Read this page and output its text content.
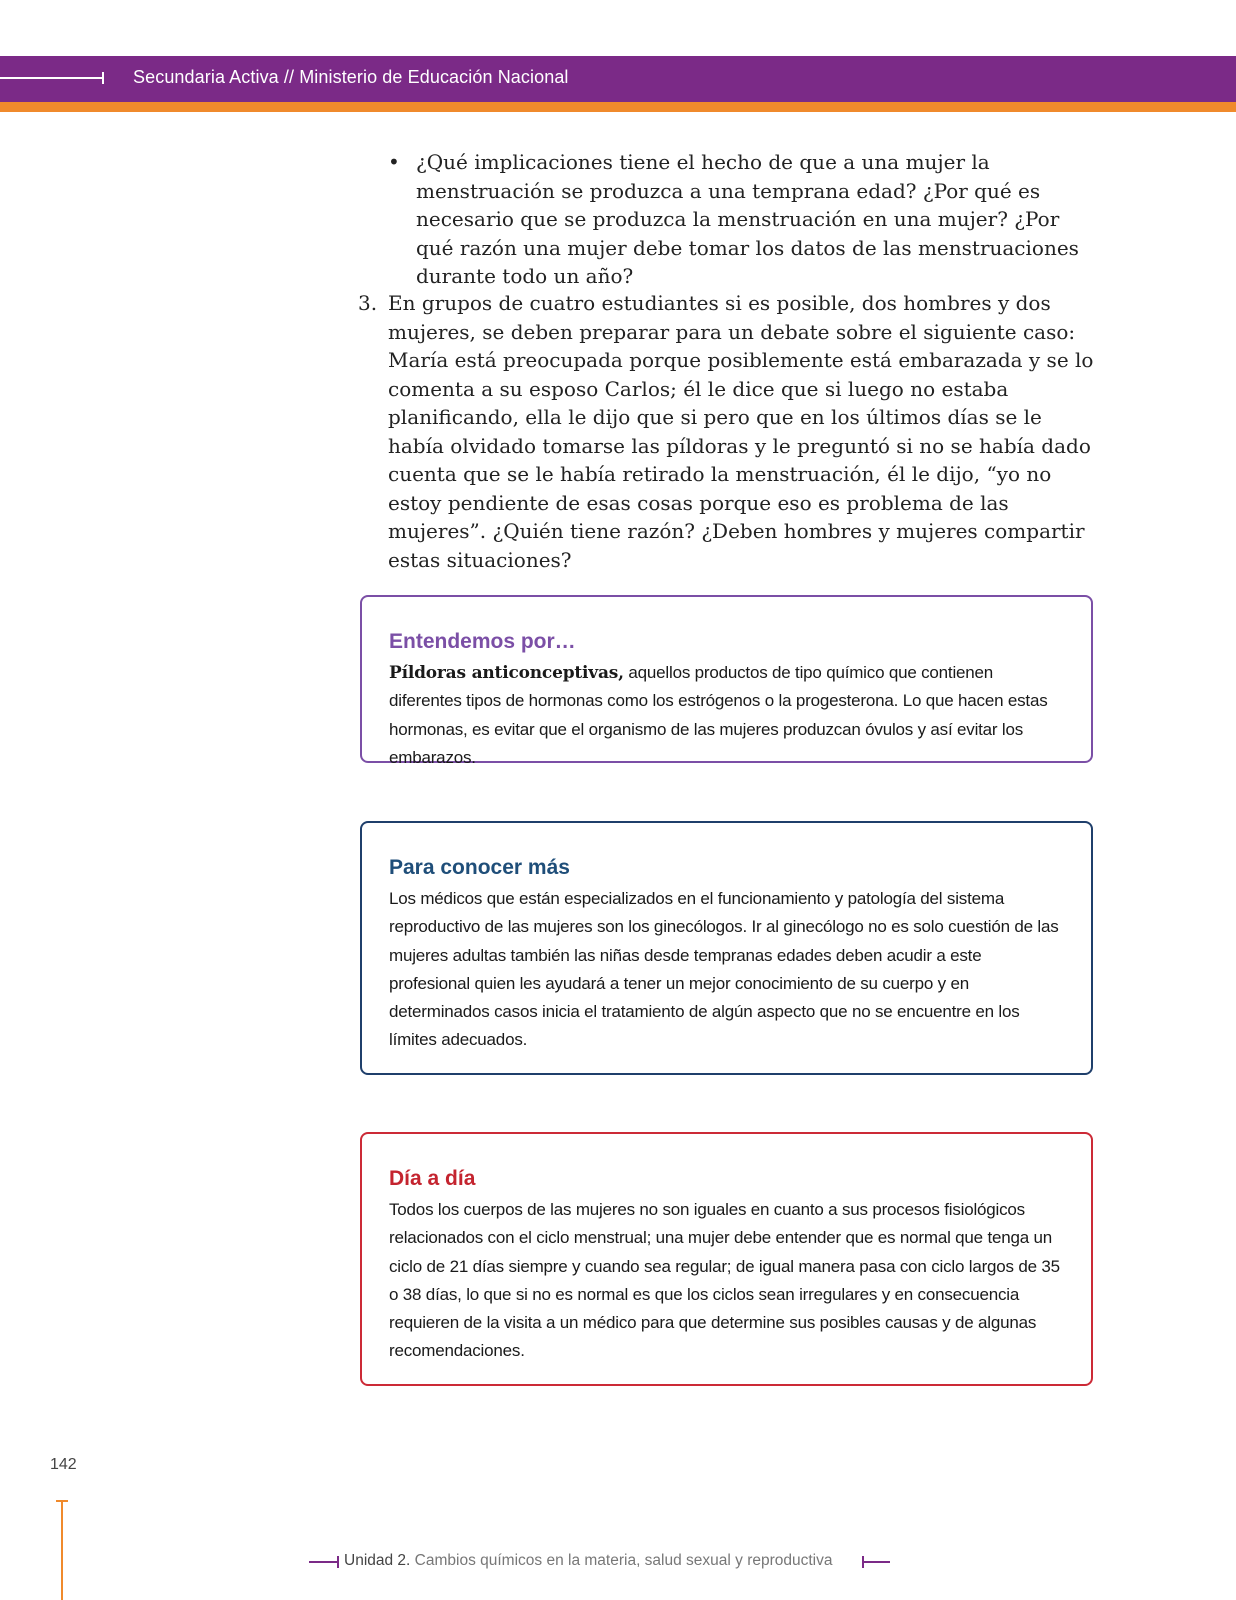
Secundaria Activa // Ministerio de Educación Nacional
• ¿Qué implicaciones tiene el hecho de que a una mujer la menstruación se produzca a una temprana edad? ¿Por qué es necesario que se produzca la menstruación en una mujer? ¿Por qué razón una mujer debe tomar los datos de las menstruaciones durante todo un año?
3. En grupos de cuatro estudiantes si es posible, dos hombres y dos mujeres, se deben preparar para un debate sobre el siguiente caso: María está preocupada porque posiblemente está embarazada y se lo comenta a su esposo Carlos; él le dice que si luego no estaba planificando, ella le dijo que si pero que en los últimos días se le había olvidado tomarse las píldoras y le preguntó si no se había dado cuenta que se le había retirado la menstruación, él le dijo, “yo no estoy pendiente de esas cosas porque eso es problema de las mujeres”. ¿Quién tiene razón? ¿Deben hombres y mujeres compartir estas situaciones?
Entendemos por…
Píldoras anticonceptivas, aquellos productos de tipo químico que contienen diferentes tipos de hormonas como los estrógenos o la progesterona. Lo que hacen estas hormonas, es evitar que el organismo de las mujeres produzcan óvulos y así evitar los embarazos.
Para conocer más
Los médicos que están especializados en el funcionamiento y patología del sistema reproductivo de las mujeres son los ginecólogos. Ir al ginecólogo no es solo cuestión de las mujeres adultas también las niñas desde tempranas edades deben acudir a este profesional quien les ayudará a tener un mejor conocimiento de su cuerpo y en determinados casos inicia el tratamiento de algún aspecto que no se encuentre en los límites adecuados.
Día a día
Todos los cuerpos de las mujeres no son iguales en cuanto a sus procesos fisiológicos relacionados con el ciclo menstrual; una mujer debe entender que es normal que tenga un ciclo de 21 días siempre y cuando sea regular; de igual manera pasa con ciclo largos de 35 o 38 días, lo que si no es normal es que los ciclos sean irregulares y en consecuencia requieren de la visita a un médico para que determine sus posibles causas y de algunas recomendaciones.
142
Unidad 2. Cambios químicos en la materia, salud sexual y reproductiva
